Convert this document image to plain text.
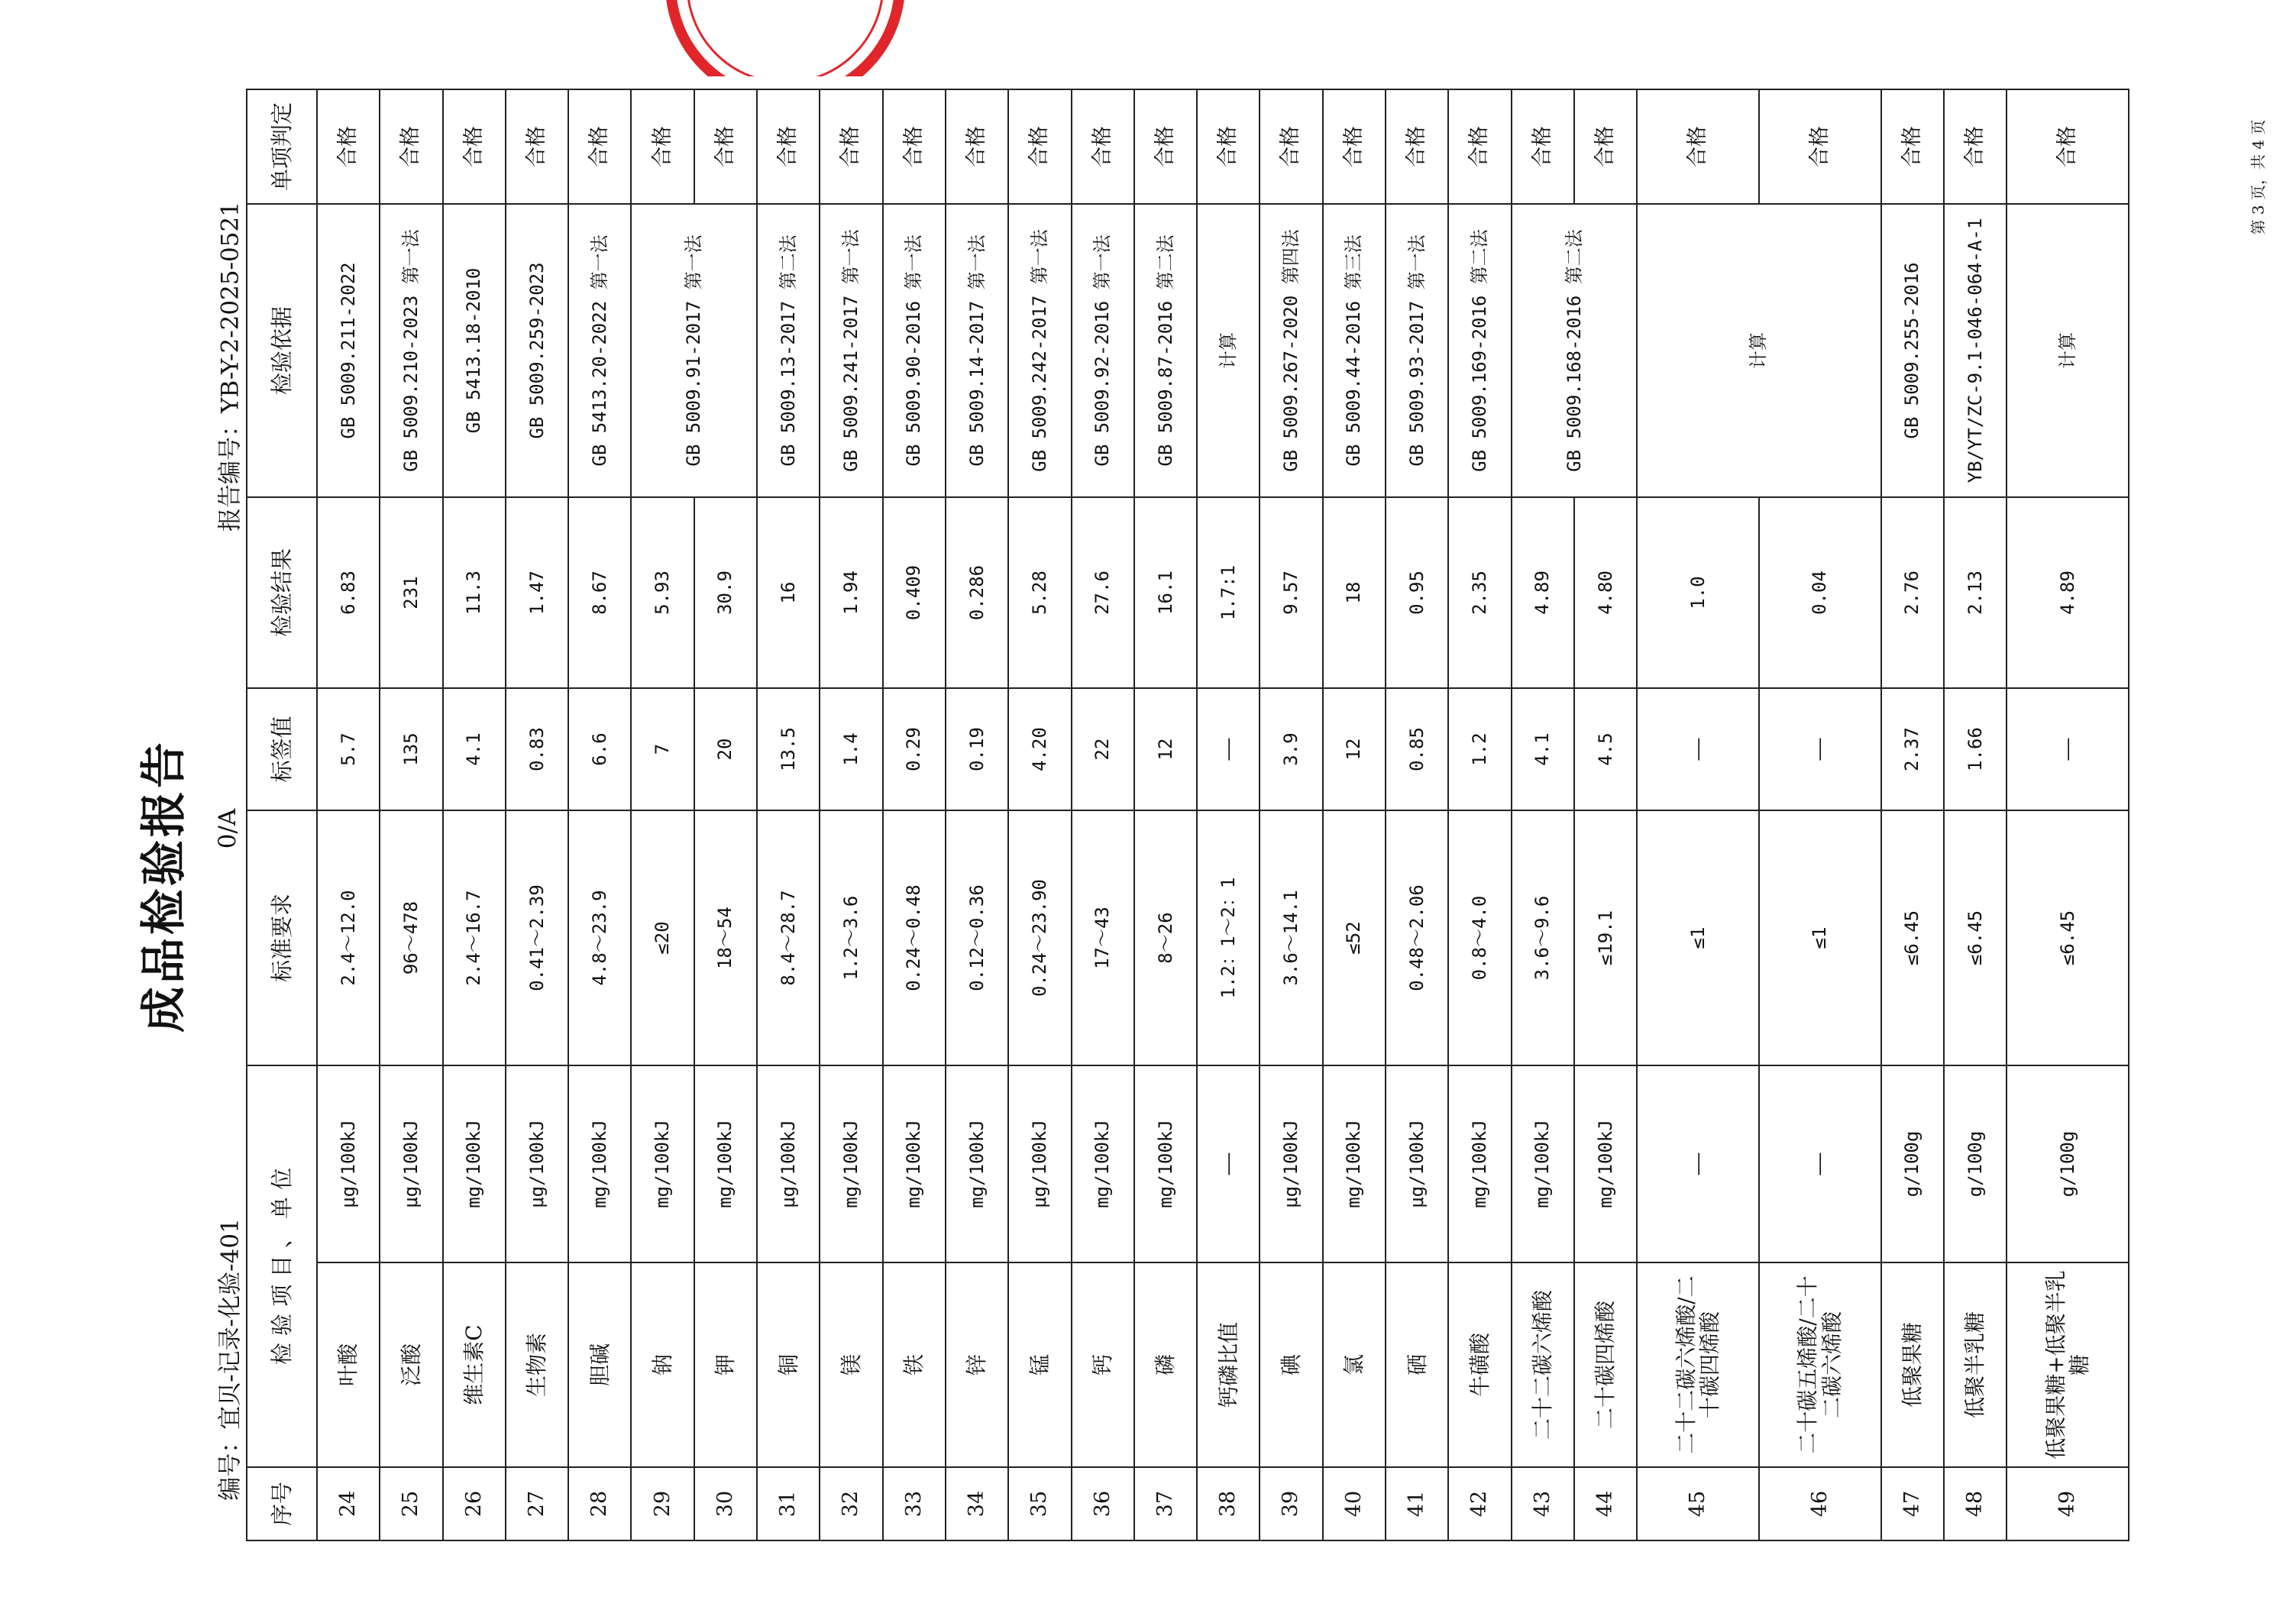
成品检验报告
编号：宜贝-记录-化验-401
0/A
报告编号：YB-Y-2-2025-0521
第 3 页，共 4 页
序号	检 验 项 目 、 单 位		标准要求	标签值	检验结果	检验依据	单项判定
24	叶酸	μg/100kJ	2.4～12.0	5.7	6.83	GB 5009.211-2022	合格
25	泛酸	μg/100kJ	96～478	135	231	GB 5009.210-2023 第一法	合格
26	维生素C	mg/100kJ	2.4～16.7	4.1	11.3	GB 5413.18-2010	合格
27	生物素	μg/100kJ	0.41～2.39	0.83	1.47	GB 5009.259-2023	合格
28	胆碱	mg/100kJ	4.8～23.9	6.6	8.67	GB 5413.20-2022 第一法	合格
29	钠	mg/100kJ	≤20	7	5.93	GB 5009.91-2017 第一法	合格
30	钾	mg/100kJ	18～54	20	30.9		合格
31	铜	μg/100kJ	8.4～28.7	13.5	16	GB 5009.13-2017 第二法	合格
32	镁	mg/100kJ	1.2～3.6	1.4	1.94	GB 5009.241-2017 第一法	合格
33	铁	mg/100kJ	0.24～0.48	0.29	0.409	GB 5009.90-2016 第一法	合格
34	锌	mg/100kJ	0.12～0.36	0.19	0.286	GB 5009.14-2017 第一法	合格
35	锰	μg/100kJ	0.24～23.90	4.20	5.28	GB 5009.242-2017 第一法	合格
36	钙	mg/100kJ	17～43	22	27.6	GB 5009.92-2016 第一法	合格
37	磷	mg/100kJ	8～26	12	16.1	GB 5009.87-2016 第二法	合格
38	钙磷比值	——	1.2：1～2：1	——	1.7:1	计算	合格
39	碘	μg/100kJ	3.6～14.1	3.9	9.57	GB 5009.267-2020 第四法	合格
40	氯	mg/100kJ	≤52	12	18	GB 5009.44-2016 第三法	合格
41	硒	μg/100kJ	0.48～2.06	0.85	0.95	GB 5009.93-2017 第一法	合格
42	牛磺酸	mg/100kJ	0.8～4.0	1.2	2.35	GB 5009.169-2016 第二法	合格
43	二十二碳六烯酸	mg/100kJ	3.6～9.6	4.1	4.89	GB 5009.168-2016 第二法	合格
44	二十碳四烯酸	mg/100kJ	≤19.1	4.5	4.80		合格
45	二十二碳六烯酸/二十碳四烯酸	——	≤1	——	1.0	计算	合格
46	二十碳五烯酸/二十二碳六烯酸	——	≤1	——	0.04		合格
47	低聚果糖	g/100g	≤6.45	2.37	2.76	GB 5009.255-2016	合格
48	低聚半乳糖	g/100g	≤6.45	1.66	2.13	YB/YT/ZC-9.1-046-064-A-1	合格
49	低聚果糖+低聚半乳糖	g/100g	≤6.45	——	4.89	计算	合格
